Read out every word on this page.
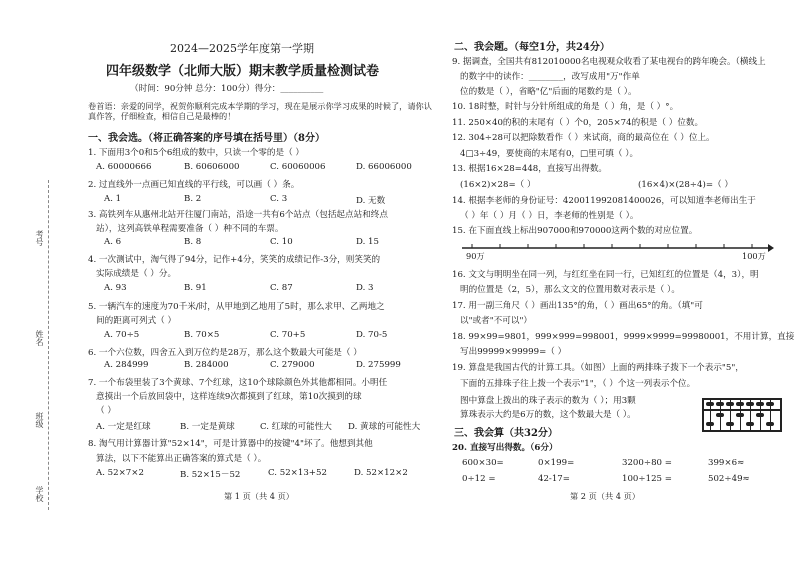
考号
姓名
班级
学校
2024—2025学年度第一学期
四年级数学（北师大版）期末教学质量检测试卷
（时间：90分钟 总分：100分）得分：__________
卷首语：亲爱的同学，祝贺你顺利完成本学期的学习，现在是展示你学习成果的时候了，请你认真作答，仔细检查，相信自己是最棒的！
一、我会选。（将正确答案的序号填在括号里）（8分）
1. 下面用3个0和5个6组成的数中，只读一个零的是（ ）
A. 60000666	B. 60606000	C. 60060006	D. 66006000
2. 过直线外一点画已知直线的平行线，可以画（ ）条。
A. 1	B. 2	C. 3	D. 无数
3. 高铁列车从惠州北站开往厦门南站，沿途一共有6个站点（包括起点站和终点
站），这列高铁单程需要准备（ ）种不同的车票。
A. 6	B. 8	C. 10	D. 15
4. 一次测试中，淘气得了94分，记作+4分，笑笑的成绩记作-3分，则笑笑的
实际成绩是（ ）分。
A. 93	B. 91	C. 87	D. 3
5. 一辆汽车的速度为70千米/时，从甲地到乙地用了5时，那么求甲、乙两地之
间的距离可列式（ ）
A. 70÷5	B. 70×5	C. 70+5	D. 70-5
6. 一个六位数，四舍五入到万位约是28万，那么这个数最大可能是（ ）
A. 284999	B. 284000	C. 279000	D. 275999
7. 一个布袋里装了3个黄球、7个红球，这10个球除颜色外其他都相同。小明任
意摸出一个后放回袋中，这样连续9次都摸到了红球，第10次摸到的球
（ ）
A. 一定是红球	B. 一定是黄球	C. 红球的可能性大 D. 黄球的可能性大
8. 淘气用计算器计算"52×14"，可是计算器中的按键"4"坏了。他想到其他
算法，以下不能算出正确答案的算式是（ ）。
A. 52×7×2	B. 52×15－52	C. 52×13+52	D. 52×12×2
第 1 页（共 4 页）
二、我会题。（每空1分，共24分）
9. 据调查，全国共有812010000名电视观众收看了某电视台的跨年晚会。（横线上
的数字中的读作：________，改写成用"万"作单
位的数是（ ），省略"亿"后面的尾数约是（ ）。
10. 18时整，时针与分针所组成的角是（ ）角，是（ ）°。
11. 250×40的积的末尾有（ ）个0，205×74的积是（ ）位数。
12. 304÷28可以把除数看作（ ）来试商，商的最高位在（ ）位上。
4□3÷49，要使商的末尾有0，□里可填（ ）。
13. 根据16×28=448，直接写出得数。
(16×2)×28=（ ）	(16×4)×(28÷4)=（ ）
14. 根据李老师的身份证号：420011992081400026，可以知道李老师出生于
（ ）年（ ）月（ ）日，李老师的性别是（ ）。
15. 在下面直线上标出907000和970000这两个数的对应位置。
90万	100万
16. 文文与明明坐在同一列，与红红坐在同一行，已知红红的位置是（4，3），明
明的位置是（2，5），那么文文的位置用数对表示是（ ）。
17. 用一副三角尺（ ）画出135°的角，（ ）画出65°的角。（填"可
以"或者"不可以"）
18. 99×99=9801，999×999=998001，9999×9999=99980001，不用计算，直接
写出99999×99999=（ ）
19. 算盘是我国古代的计算工具。（如图）上面的两排珠子拨下一个表示"5"，
下面的五排珠子往上拨一个表示"1"，（ ）个这一列表示个位。
图中算盘上拨出的珠子表示的数为（ ）；用3颗
算珠表示大约是6万的数，这个数最大是（ ）。
三、我会算（共32分）
20. 直接写出得数。（6分）
600×30=	0×199=	3200÷80 =	399×6≈
0÷12 =	42-17=	100÷125 =	502÷49≈
第 2 页（共 4 页）
